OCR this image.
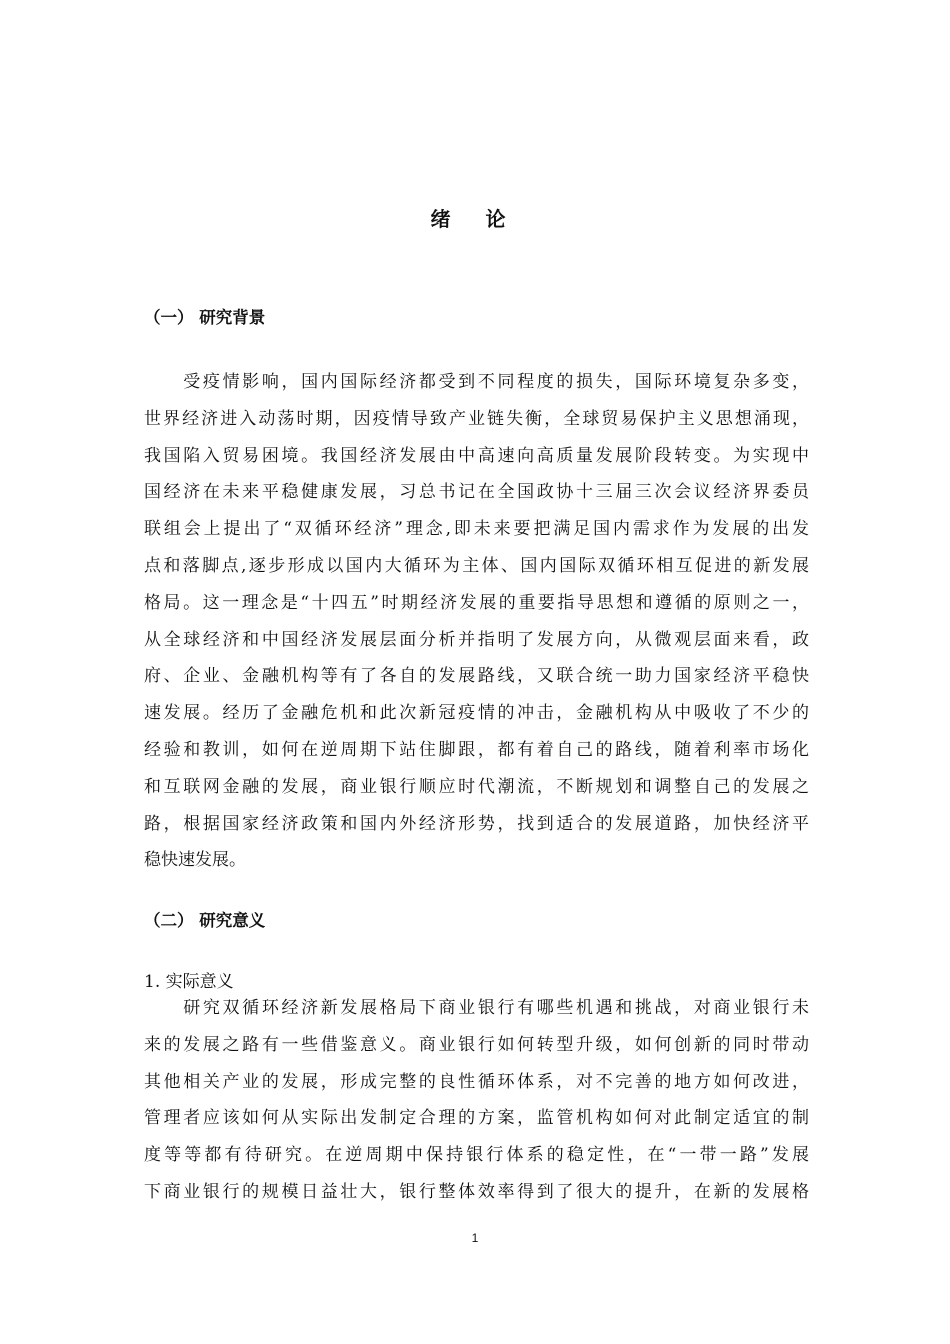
绪 论
（一） 研究背景
　　受疫情影响，国内国际经济都受到不同程度的损失，国际环境复杂多变，
世界经济进入动荡时期，因疫情导致产业链失衡，全球贸易保护主义思想涌现，
我国陷入贸易困境。我国经济发展由中高速向高质量发展阶段转变。为实现中
国经济在未来平稳健康发展，习总书记在全国政协十三届三次会议经济界委员
联组会上提出了“双循环经济”理念,即未来要把满足国内需求作为发展的出发
点和落脚点,逐步形成以国内大循环为主体、国内国际双循环相互促进的新发展
格局。这一理念是“十四五”时期经济发展的重要指导思想和遵循的原则之一，
从全球经济和中国经济发展层面分析并指明了发展方向，从微观层面来看，政
府、企业、金融机构等有了各自的发展路线，又联合统一助力国家经济平稳快
速发展。经历了金融危机和此次新冠疫情的冲击，金融机构从中吸收了不少的
经验和教训，如何在逆周期下站住脚跟，都有着自己的路线，随着利率市场化
和互联网金融的发展，商业银行顺应时代潮流，不断规划和调整自己的发展之
路，根据国家经济政策和国内外经济形势，找到适合的发展道路，加快经济平
稳快速发展。
（二） 研究意义
1. 实际意义
　　研究双循环经济新发展格局下商业银行有哪些机遇和挑战，对商业银行未
来的发展之路有一些借鉴意义。商业银行如何转型升级，如何创新的同时带动
其他相关产业的发展，形成完整的良性循环体系，对不完善的地方如何改进，
管理者应该如何从实际出发制定合理的方案，监管机构如何对此制定适宜的制
度等等都有待研究。在逆周期中保持银行体系的稳定性，在“一带一路”发展
下商业银行的规模日益壮大，银行整体效率得到了很大的提升，在新的发展格
1
